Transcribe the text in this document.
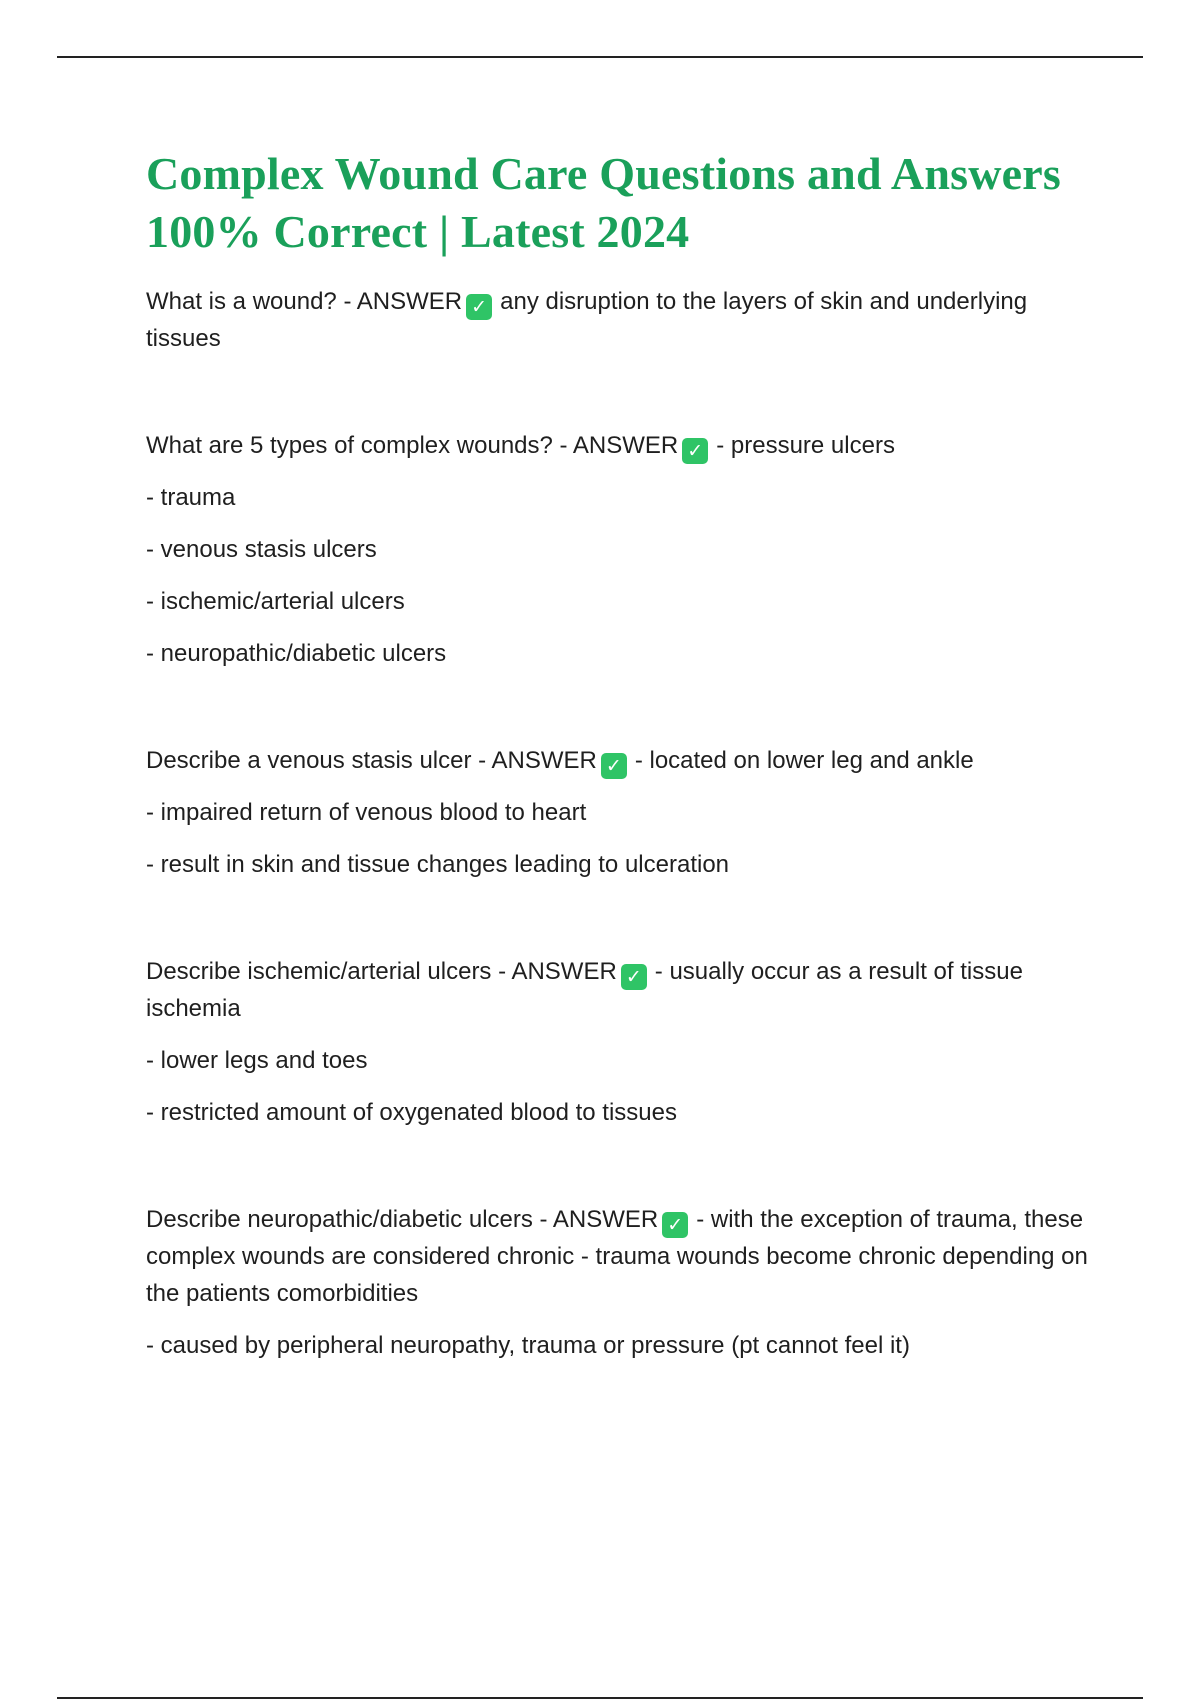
Complex Wound Care Questions and Answers 100% Correct | Latest 2024

What is a wound? - ANSWER ✓ any disruption to the layers of skin and underlying tissues

What are 5 types of complex wounds? - ANSWER ✓ - pressure ulcers

- trauma

- venous stasis ulcers

- ischemic/arterial ulcers

- neuropathic/diabetic ulcers

Describe a venous stasis ulcer - ANSWER ✓ - located on lower leg and ankle

- impaired return of venous blood to heart

- result in skin and tissue changes leading to ulceration

Describe ischemic/arterial ulcers - ANSWER ✓ - usually occur as a result of tissue ischemia

- lower legs and toes

- restricted amount of oxygenated blood to tissues

Describe neuropathic/diabetic ulcers - ANSWER ✓ - with the exception of trauma, these complex wounds are considered chronic - trauma wounds become chronic depending on the patients comorbidities

- caused by peripheral neuropathy, trauma or pressure (pt cannot feel it)
